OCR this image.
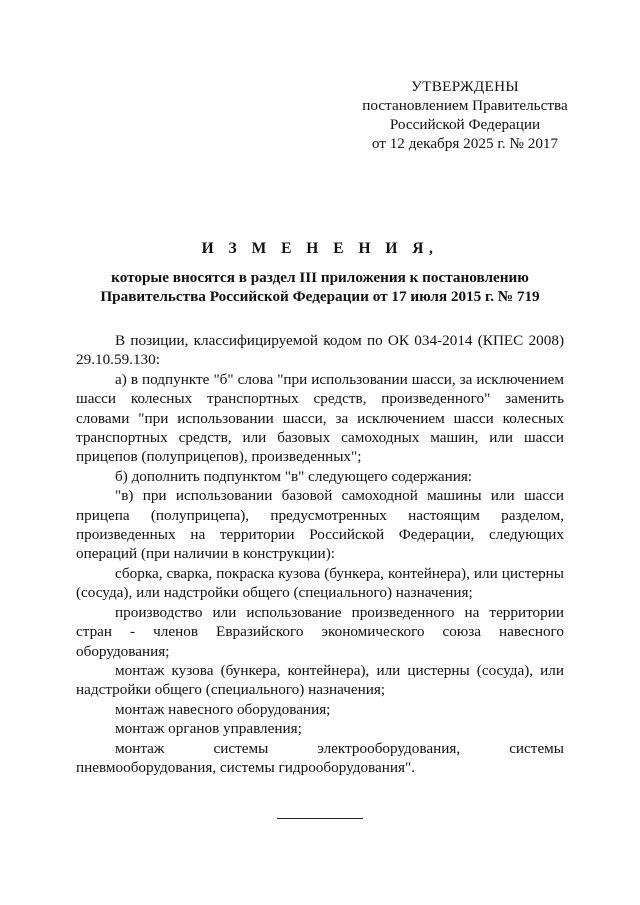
УТВЕРЖДЕНЫ
постановлением Правительства
Российской Федерации
от 12 декабря 2025 г. № 2017
И З М Е Н Е Н И Я,
которые вносятся в раздел III приложения к постановлению
Правительства Российской Федерации от 17 июля 2015 г. № 719

В позиции, классифицируемой кодом по ОК 034-2014 (КПЕС 2008)

29.10.59.130:

а) в подпункте "б" слова "при использовании шасси, за исключением шасси колесных транспортных средств, произведенного" заменить словами "при использовании шасси, за исключением шасси колесных транспортных средств, или базовых самоходных машин, или шасси прицепов (полуприцепов), произведенных";

б) дополнить подпунктом "в" следующего содержания:

"в) при использовании базовой самоходной машины или шасси прицепа (полуприцепа), предусмотренных настоящим разделом, произведенных на территории Российской Федерации, следующих операций (при наличии в конструкции):

сборка, сварка, покраска кузова (бункера, контейнера), или цистерны (сосуда), или надстройки общего (специального) назначения;

производство или использование произведенного на территории стран - членов Евразийского экономического союза навесного оборудования;

монтаж кузова (бункера, контейнера), или цистерны (сосуда), или надстройки общего (специального) назначения;

монтаж навесного оборудования;

монтаж органов управления;

монтаж системы электрооборудования, системы пневмооборудования, системы гидрооборудования".
